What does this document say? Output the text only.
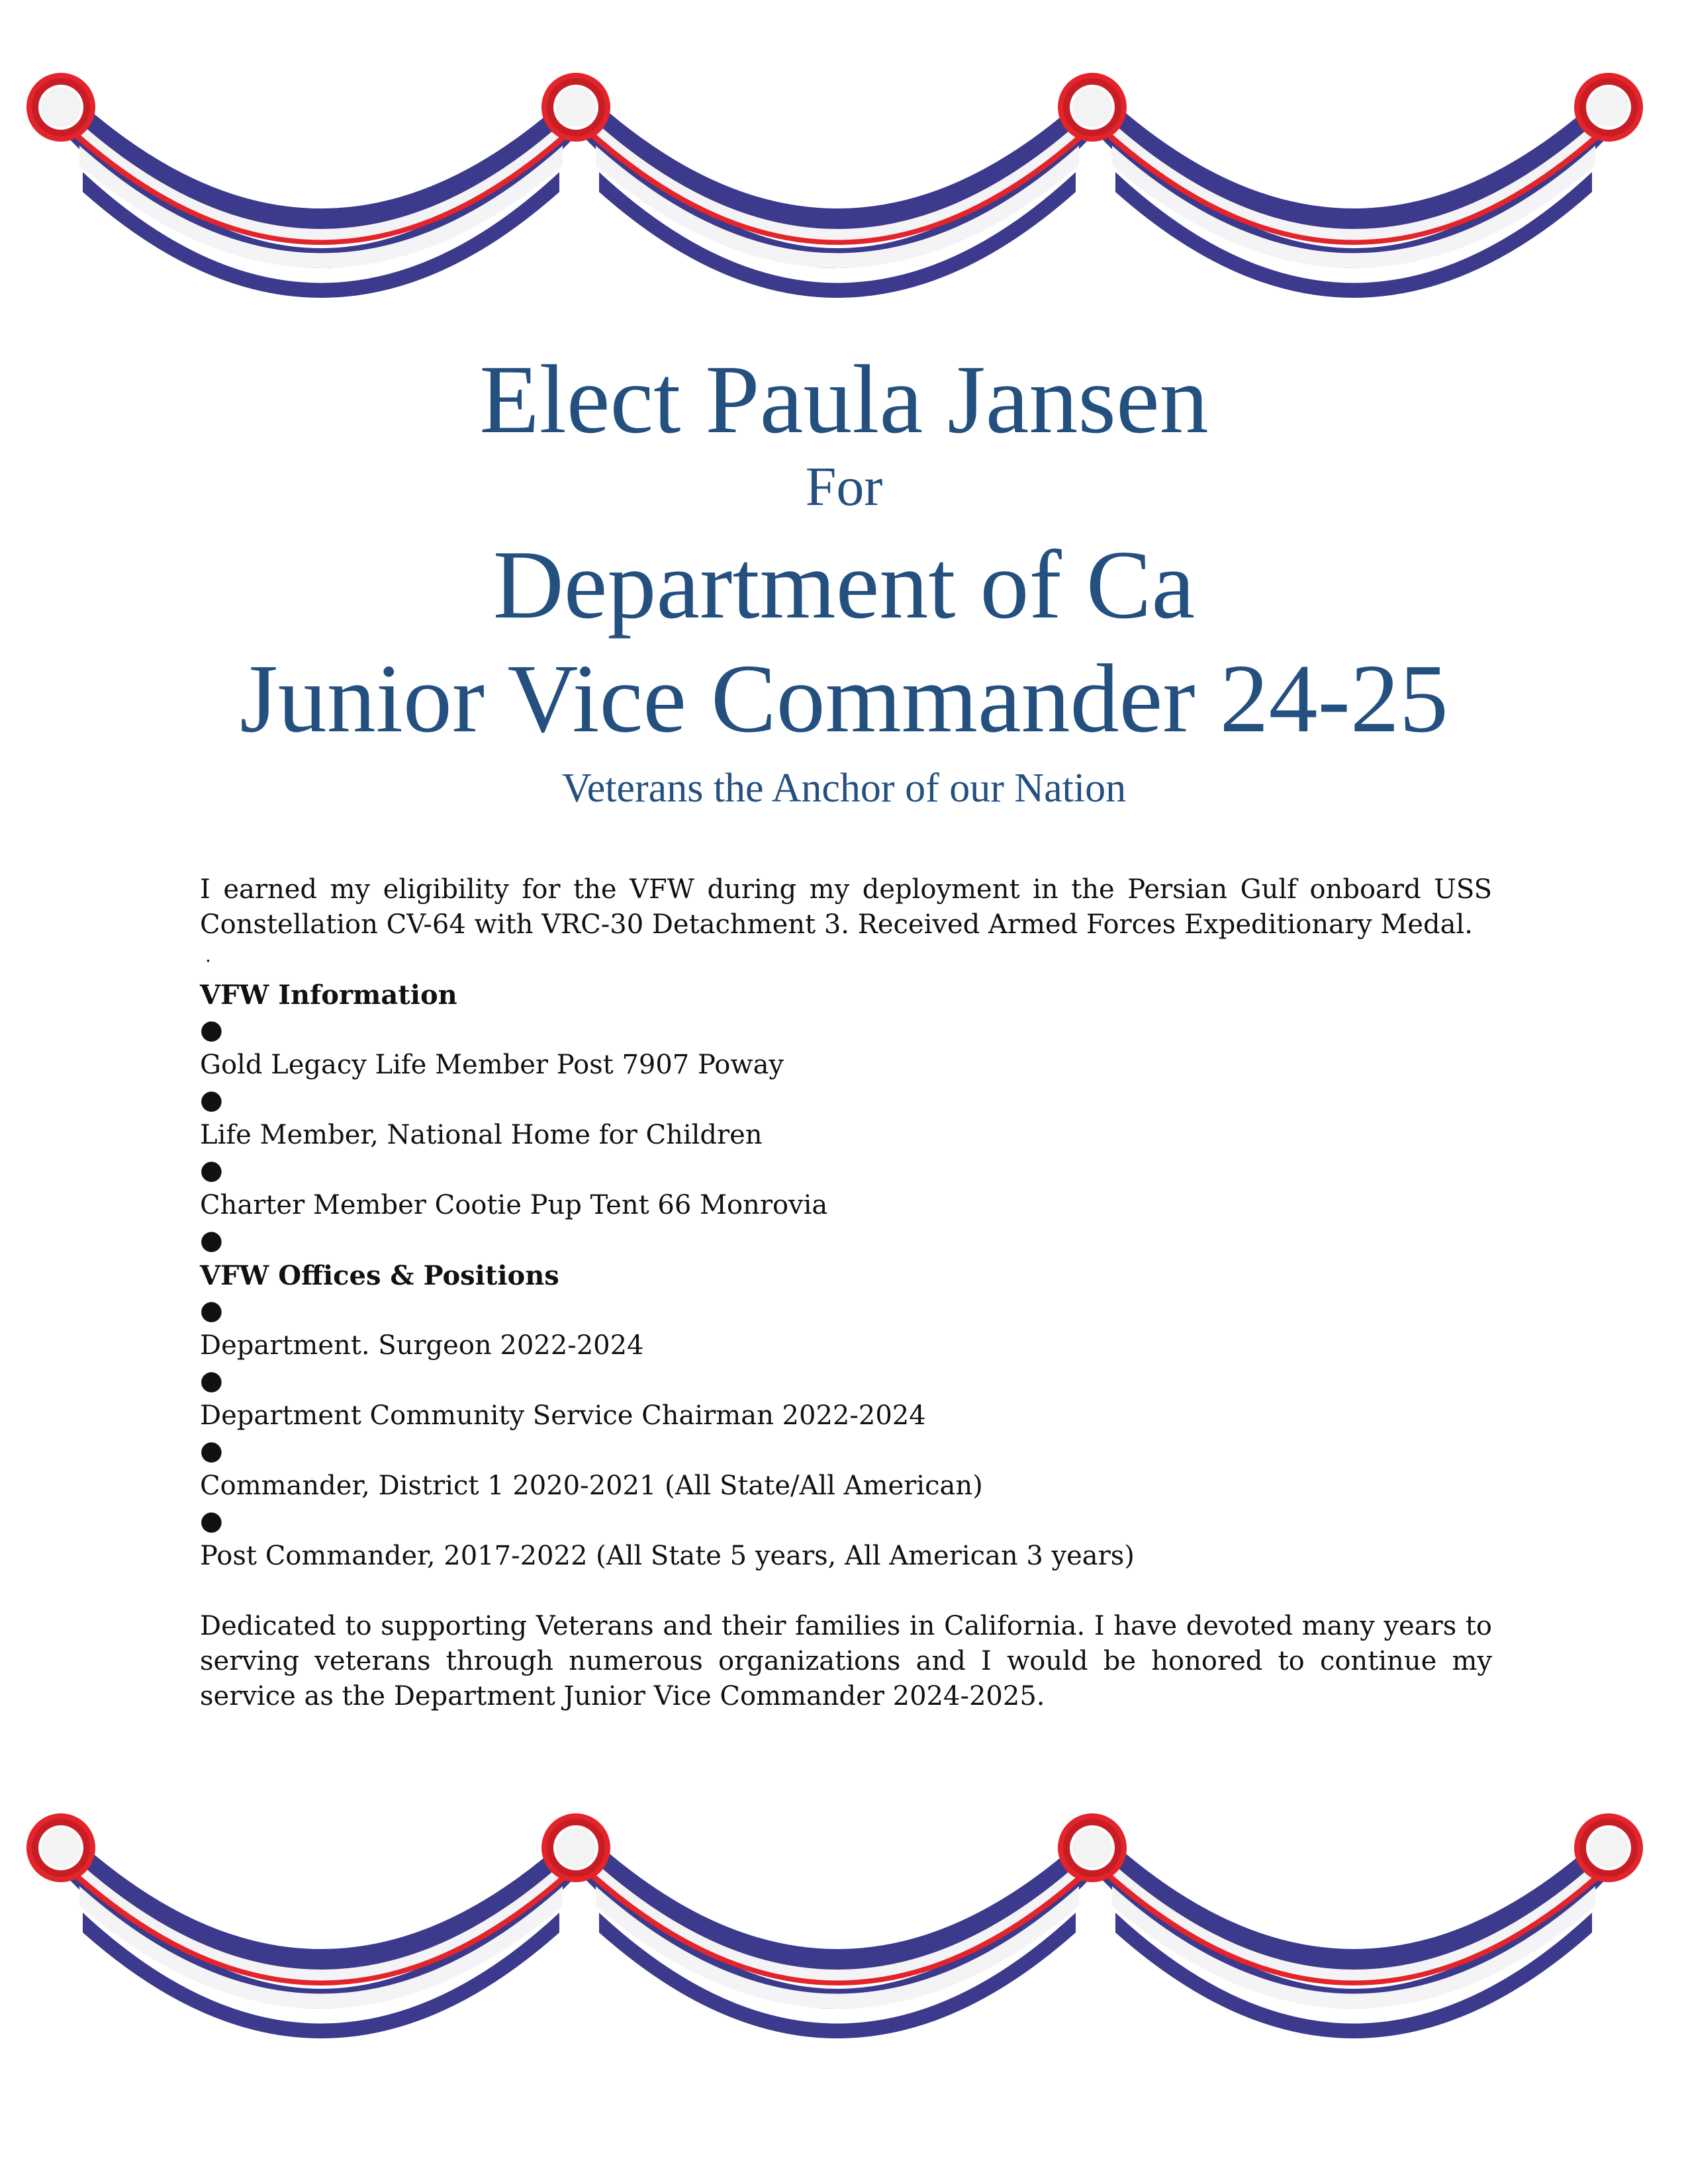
Elect Paula Jansen
For
Department of Ca
Junior Vice Commander 24-25
Veterans the Anchor of our Nation

I earned my eligibility for the VFW during my deployment in the Persian Gulf onboard USS Constellation CV-64 with VRC-30 Detachment 3. Received Armed Forces Expeditionary Medal.

.
VFW Information
●
Gold Legacy Life Member Post 7907 Poway
●
Life Member, National Home for Children
●
Charter Member Cootie Pup Tent 66 Monrovia
●
VFW Offices & Positions
●
Department. Surgeon 2022-2024
●
Department Community Service Chairman 2022-2024
●
Commander, District 1 2020-2021 (All State/All American)
●
Post Commander, 2017-2022 (All State 5 years, All American 3 years)

Dedicated to supporting Veterans and their families in California. I have devoted many years to serving veterans through numerous organizations and I would be honored to continue my service as the Department Junior Vice Commander 2024-2025.
